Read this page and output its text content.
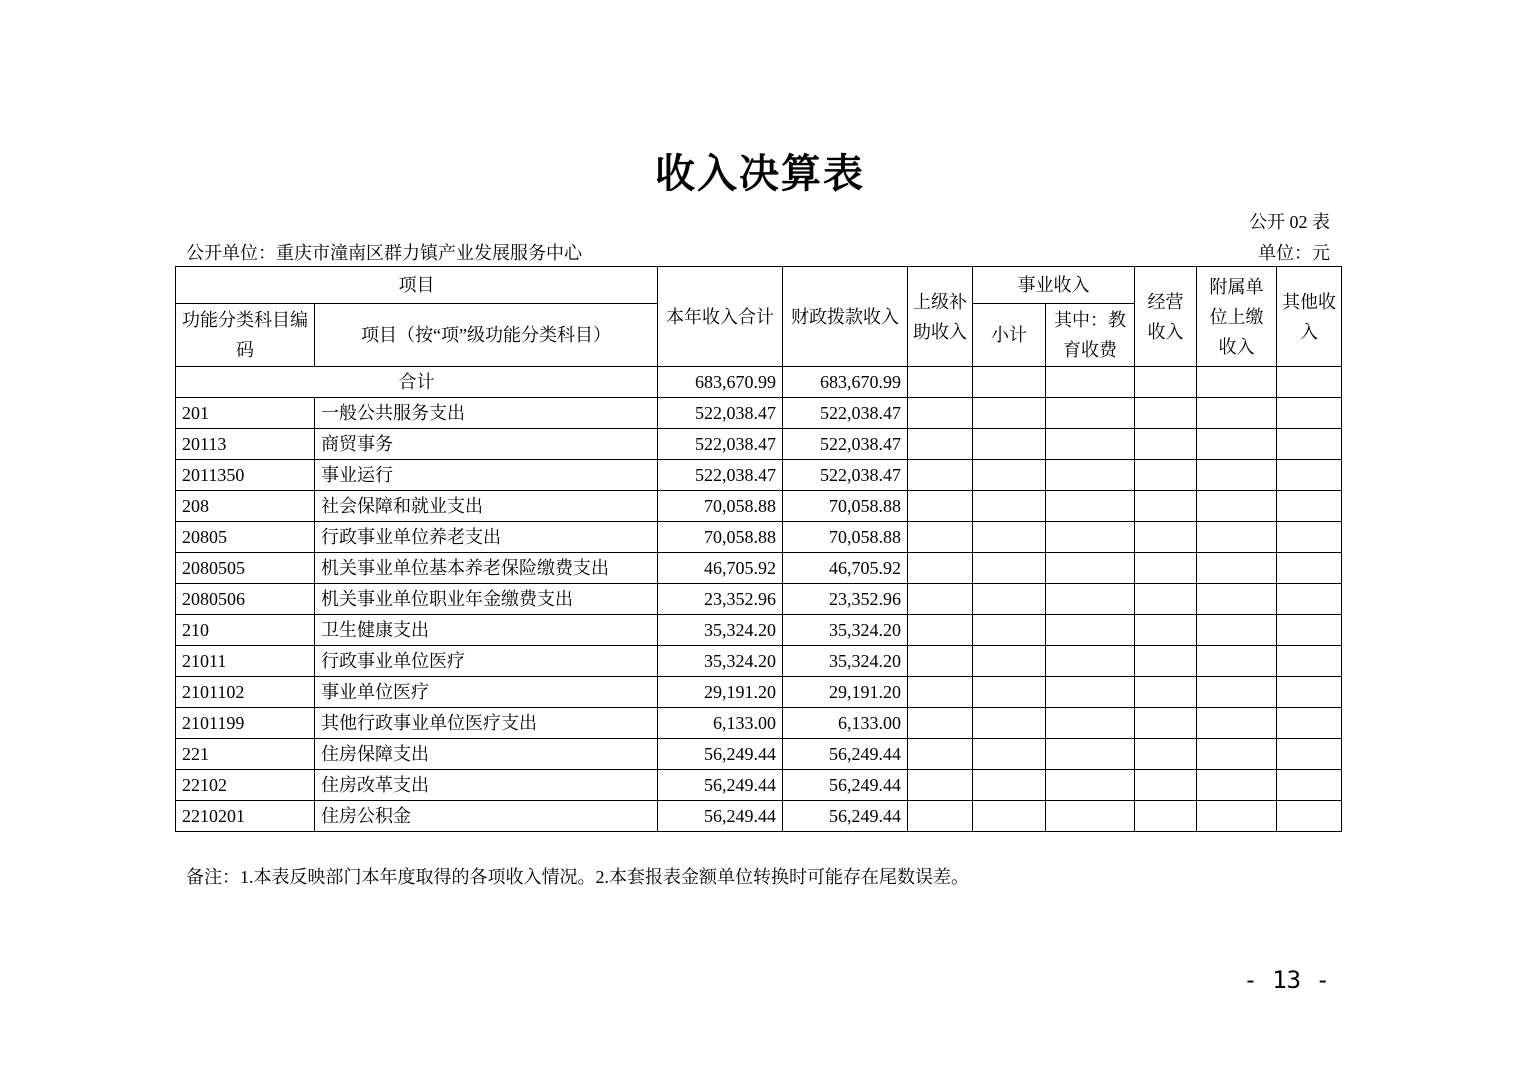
收入决算表
公开 02 表
公开单位：重庆市潼南区群力镇产业发展服务中心	单位：元
项目		本年收入合计	财政拨款收入	上级补助收入	事业收入		经营收入	附属单位上缴收入	其他收入
功能分类科目编码	项目（按“项”级功能分类科目）				小计	其中：教育收费			
合计		683,670.99	683,670.99						
201	一般公共服务支出	522,038.47	522,038.47						
20113	商贸事务	522,038.47	522,038.47						
2011350	事业运行	522,038.47	522,038.47						
208	社会保障和就业支出	70,058.88	70,058.88						
20805	行政事业单位养老支出	70,058.88	70,058.88						
2080505	机关事业单位基本养老保险缴费支出	46,705.92	46,705.92						
2080506	机关事业单位职业年金缴费支出	23,352.96	23,352.96						
210	卫生健康支出	35,324.20	35,324.20						
21011	行政事业单位医疗	35,324.20	35,324.20						
2101102	事业单位医疗	29,191.20	29,191.20						
2101199	其他行政事业单位医疗支出	6,133.00	6,133.00						
221	住房保障支出	56,249.44	56,249.44						
22102	住房改革支出	56,249.44	56,249.44						
2210201	住房公积金	56,249.44	56,249.44						
备注：1.本表反映部门本年度取得的各项收入情况。2.本套报表金额单位转换时可能存在尾数误差。
- 13 -
